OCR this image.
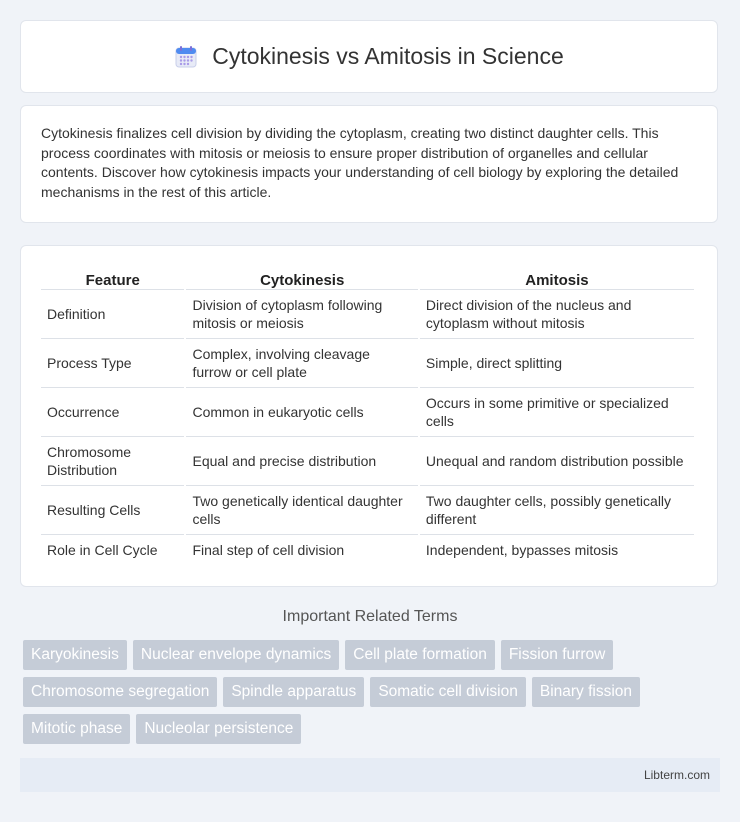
Cytokinesis vs Amitosis in Science

Cytokinesis finalizes cell division by dividing the cytoplasm, creating two distinct daughter cells. This process coordinates with mitosis or meiosis to ensure proper distribution of organelles and cellular contents. Discover how cytokinesis impacts your understanding of cell biology by exploring the detailed mechanisms in the rest of this article.

Feature	Cytokinesis	Amitosis
Definition	Division of cytoplasm following mitosis or meiosis	Direct division of the nucleus and cytoplasm without mitosis
Process Type	Complex, involving cleavage furrow or cell plate	Simple, direct splitting
Occurrence	Common in eukaryotic cells	Occurs in some primitive or specialized cells
Chromosome Distribution	Equal and precise distribution	Unequal and random distribution possible
Resulting Cells	Two genetically identical daughter cells	Two daughter cells, possibly genetically different
Role in Cell Cycle	Final step of cell division	Independent, bypasses mitosis
Important Related Terms
Karyokinesis	Nuclear envelope dynamics	Cell plate formation	Fission furrow
Chromosome segregation	Spindle apparatus	Somatic cell division	Binary fission
Mitotic phase	Nucleolar persistence
Libterm.com
